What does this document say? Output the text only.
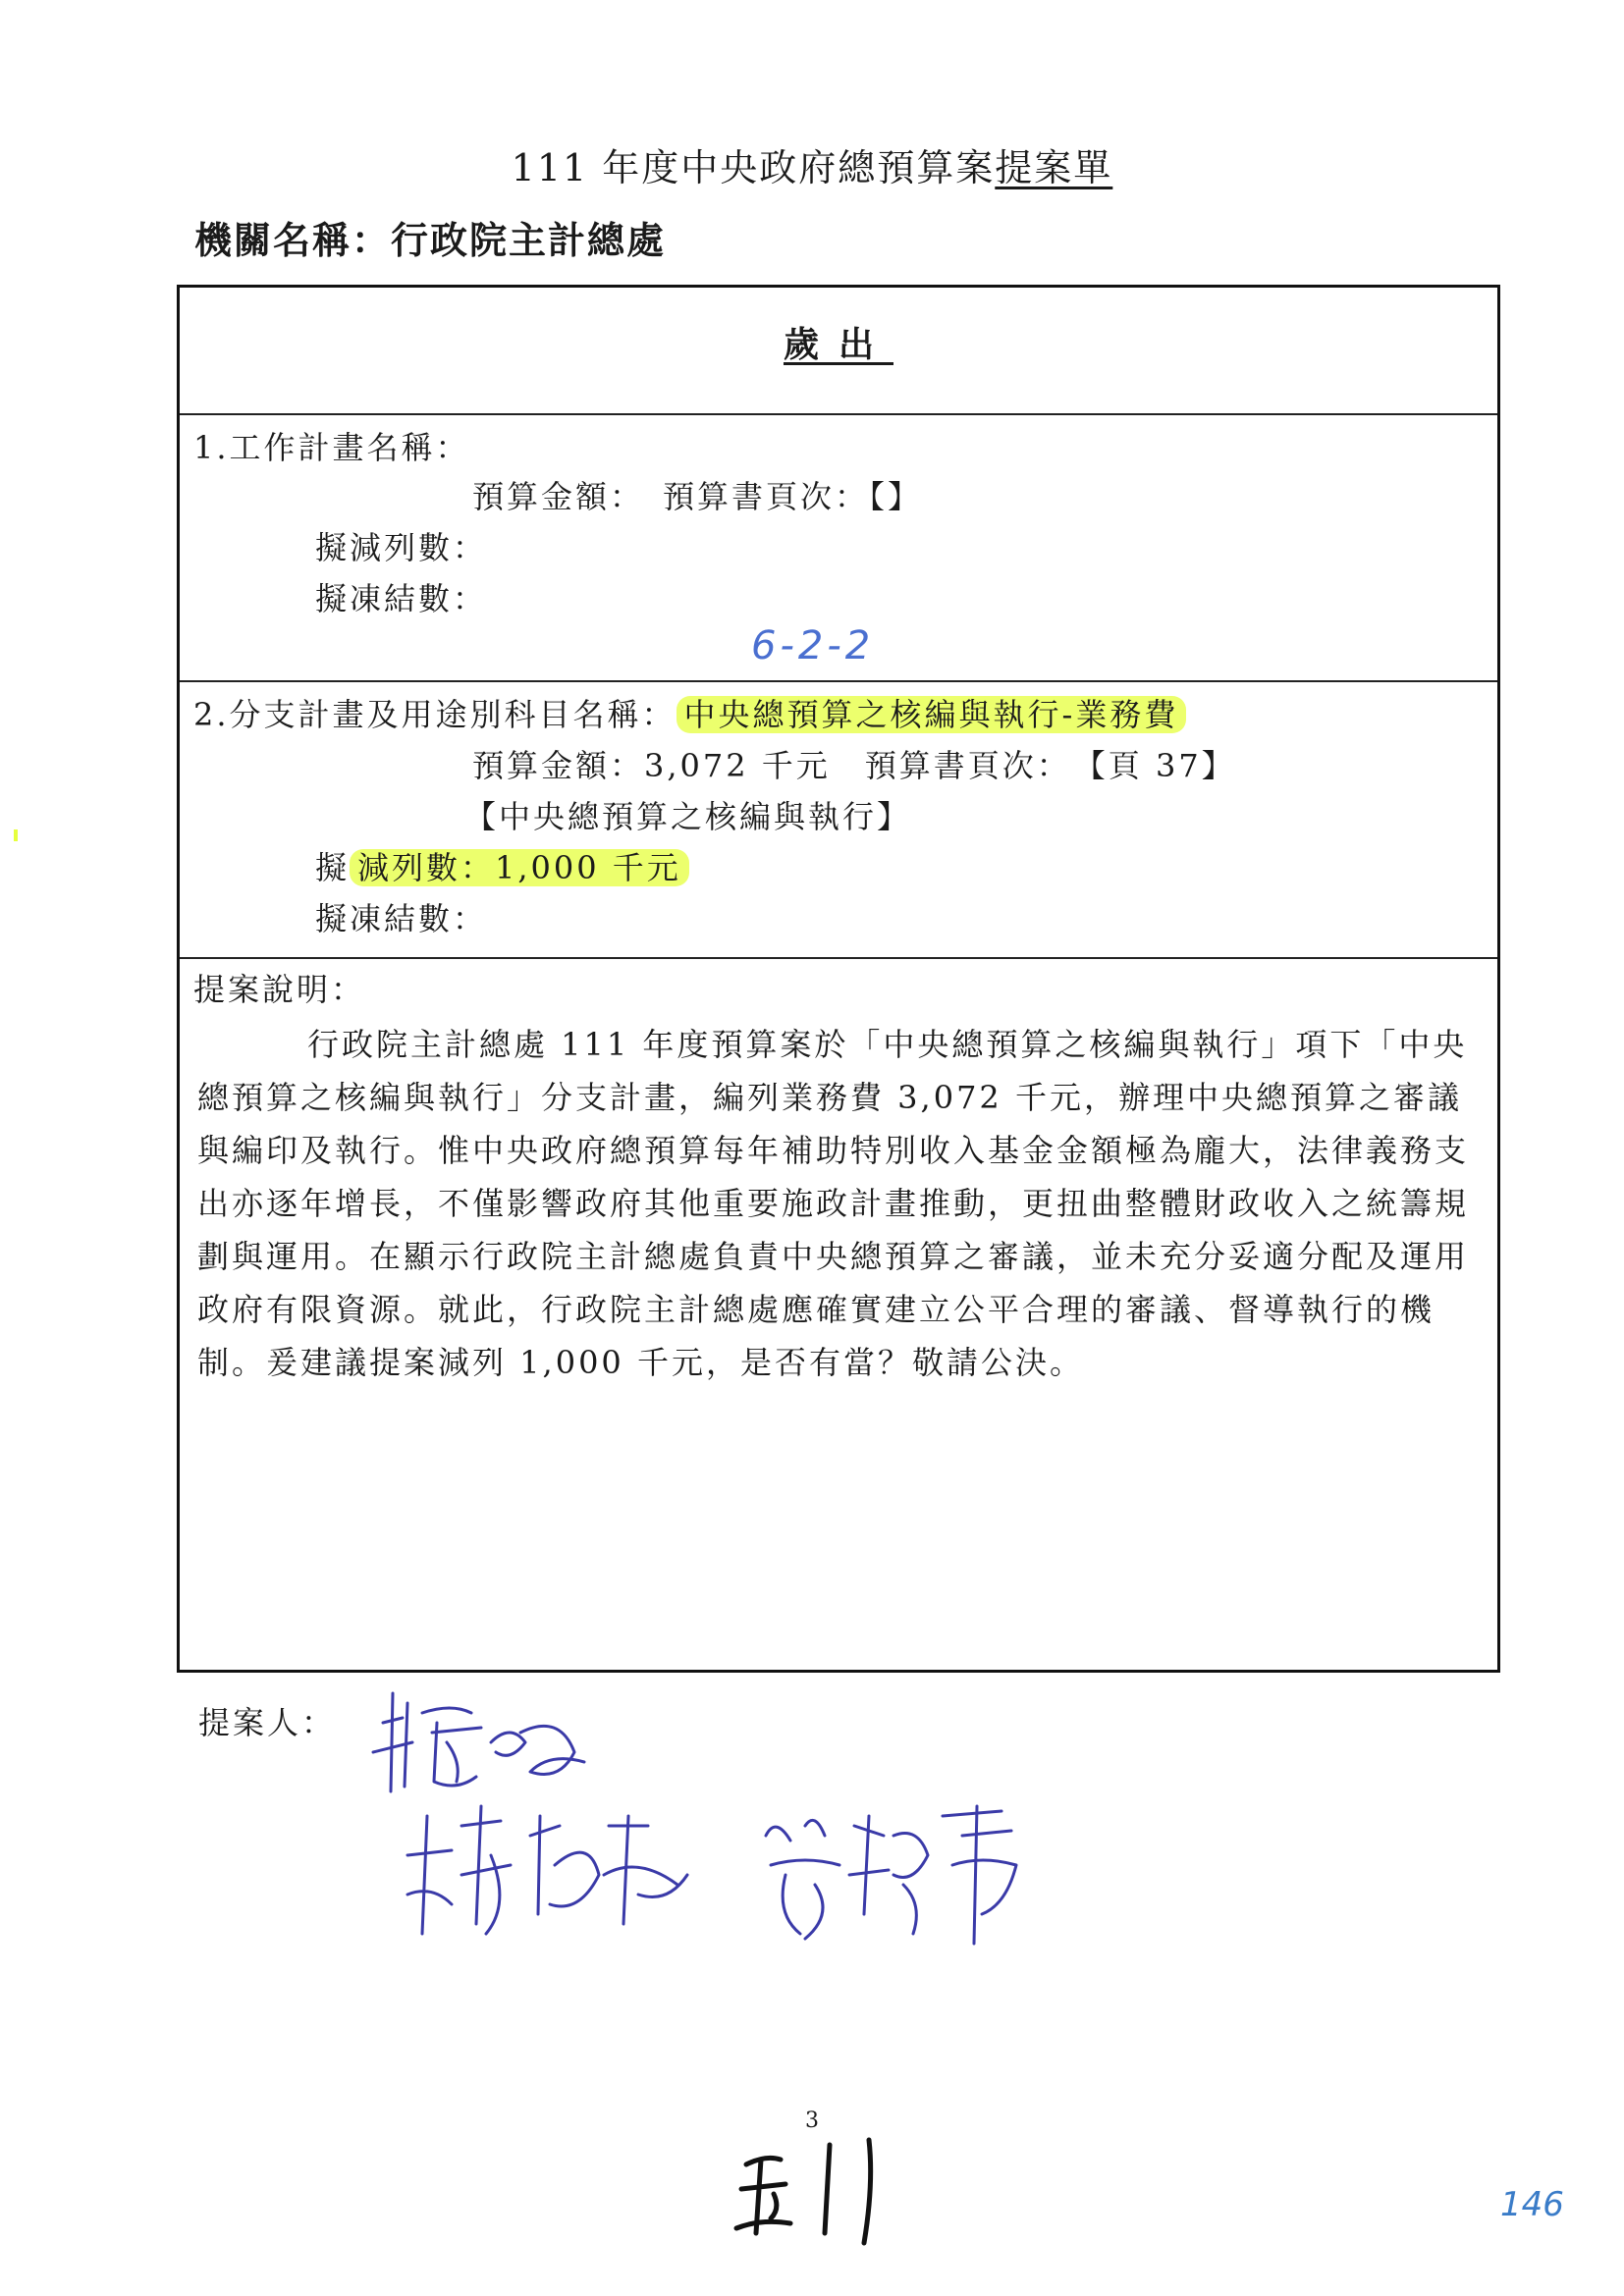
111 年度中央政府總預算案提案單
機關名稱：行政院主計總處
歲出
1.工作計畫名稱：
預算金額：　預算書頁次：【】
擬減列數：
擬凍結數：
6-2-2
2.分支計畫及用途別科目名稱： 中央總預算之核編與執行-業務費
預算金額：3,072 千元　預算書頁次：　【頁 37】
【中央總預算之核編與執行】
擬 減列數：1,000 千元
擬凍結數：
提案說明：
行政院主計總處 111 年度預算案於「中央總預算之核編與執行」項下「中央總預算之核編與執行」分支計畫，編列業務費 3,072 千元，辦理中央總預算之審議與編印及執行。惟中央政府總預算每年補助特別收入基金金額極為龐大，法律義務支出亦逐年增長，不僅影響政府其他重要施政計畫推動，更扭曲整體財政收入之統籌規劃與運用。在顯示行政院主計總處負責中央總預算之審議，並未充分妥適分配及運用政府有限資源。就此，行政院主計總處應確實建立公平合理的審議、督導執行的機制。爰建議提案減列 1,000 千元，是否有當？敬請公決。
提案人：
3
146
